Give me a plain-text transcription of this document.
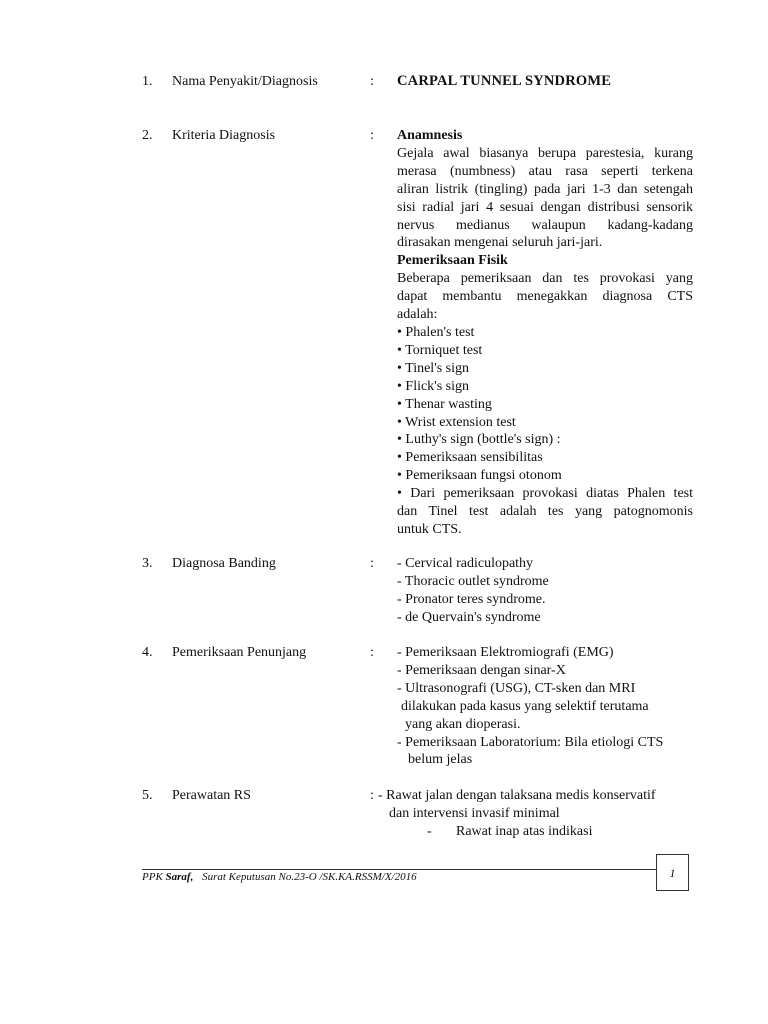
1. Nama Penyakit/Diagnosis	: CARPAL TUNNEL SYNDROME
2. Kriteria Diagnosis	: Anamnesis
Gejala awal biasanya berupa parestesia, kurang
merasa (numbness) atau rasa seperti terkena
aliran listrik (tingling) pada jari 1-3 dan setengah
sisi radial jari 4 sesuai dengan distribusi sensorik
nervus medianus walaupun kadang-kadang
dirasakan mengenai seluruh jari-jari.
Pemeriksaan Fisik
Beberapa pemeriksaan dan tes provokasi yang
dapat membantu menegakkan diagnosa CTS
adalah:
• Phalen's test
• Torniquet test
• Tinel's sign
• Flick's sign
• Thenar wasting
• Wrist extension test
• Luthy's sign (bottle's sign) :
• Pemeriksaan sensibilitas
• Pemeriksaan fungsi otonom
• Dari pemeriksaan provokasi diatas Phalen test
dan Tinel test adalah tes yang patognomonis
untuk CTS.
3. Diagnosa Banding	: - Cervical radiculopathy
- Thoracic outlet syndrome
- Pronator teres syndrome.
- de Quervain's syndrome
4. Pemeriksaan Penunjang	: - Pemeriksaan Elektromiografi (EMG)
- Pemeriksaan dengan sinar-X
- Ultrasonografi (USG), CT-sken dan MRI
dilakukan pada kasus yang selektif terutama
yang akan dioperasi.
- Pemeriksaan Laboratorium: Bila etiologi CTS
belum jelas
5. Perawatan RS	: - Rawat jalan dengan talaksana medis konservatif
dan intervensi invasif minimal
- Rawat inap atas indikasi
PPK Saraf, Surat Keputusan No.23-O /SK.KA.RSSM/X/2016	1
